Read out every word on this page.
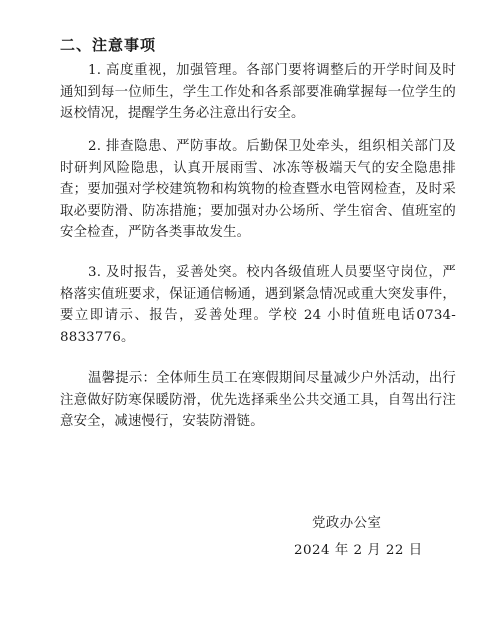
二、注意事项
1. 高度重视，加强管理。各部门要将调整后的开学时间及时通知到每一位师生，学生工作处和各系部要准确掌握每一位学生的返校情况，提醒学生务必注意出行安全。
2. 排查隐患、严防事故。后勤保卫处牵头，组织相关部门及时研判风险隐患，认真开展雨雪、冰冻等极端天气的安全隐患排查；要加强对学校建筑物和构筑物的检查暨水电管网检查，及时采取必要防滑、防冻措施；要加强对办公场所、学生宿舍、值班室的安全检查，严防各类事故发生。
3. 及时报告，妥善处突。校内各级值班人员要坚守岗位，严格落实值班要求，保证通信畅通，遇到紧急情况或重大突发事件，要立即请示、报告，妥善处理。学校 24 小时值班电话0734-8833776。
温馨提示：全体师生员工在寒假期间尽量减少户外活动，出行注意做好防寒保暖防滑，优先选择乘坐公共交通工具，自驾出行注意安全，减速慢行，安装防滑链。
党政办公室
2024 年 2 月 22 日
